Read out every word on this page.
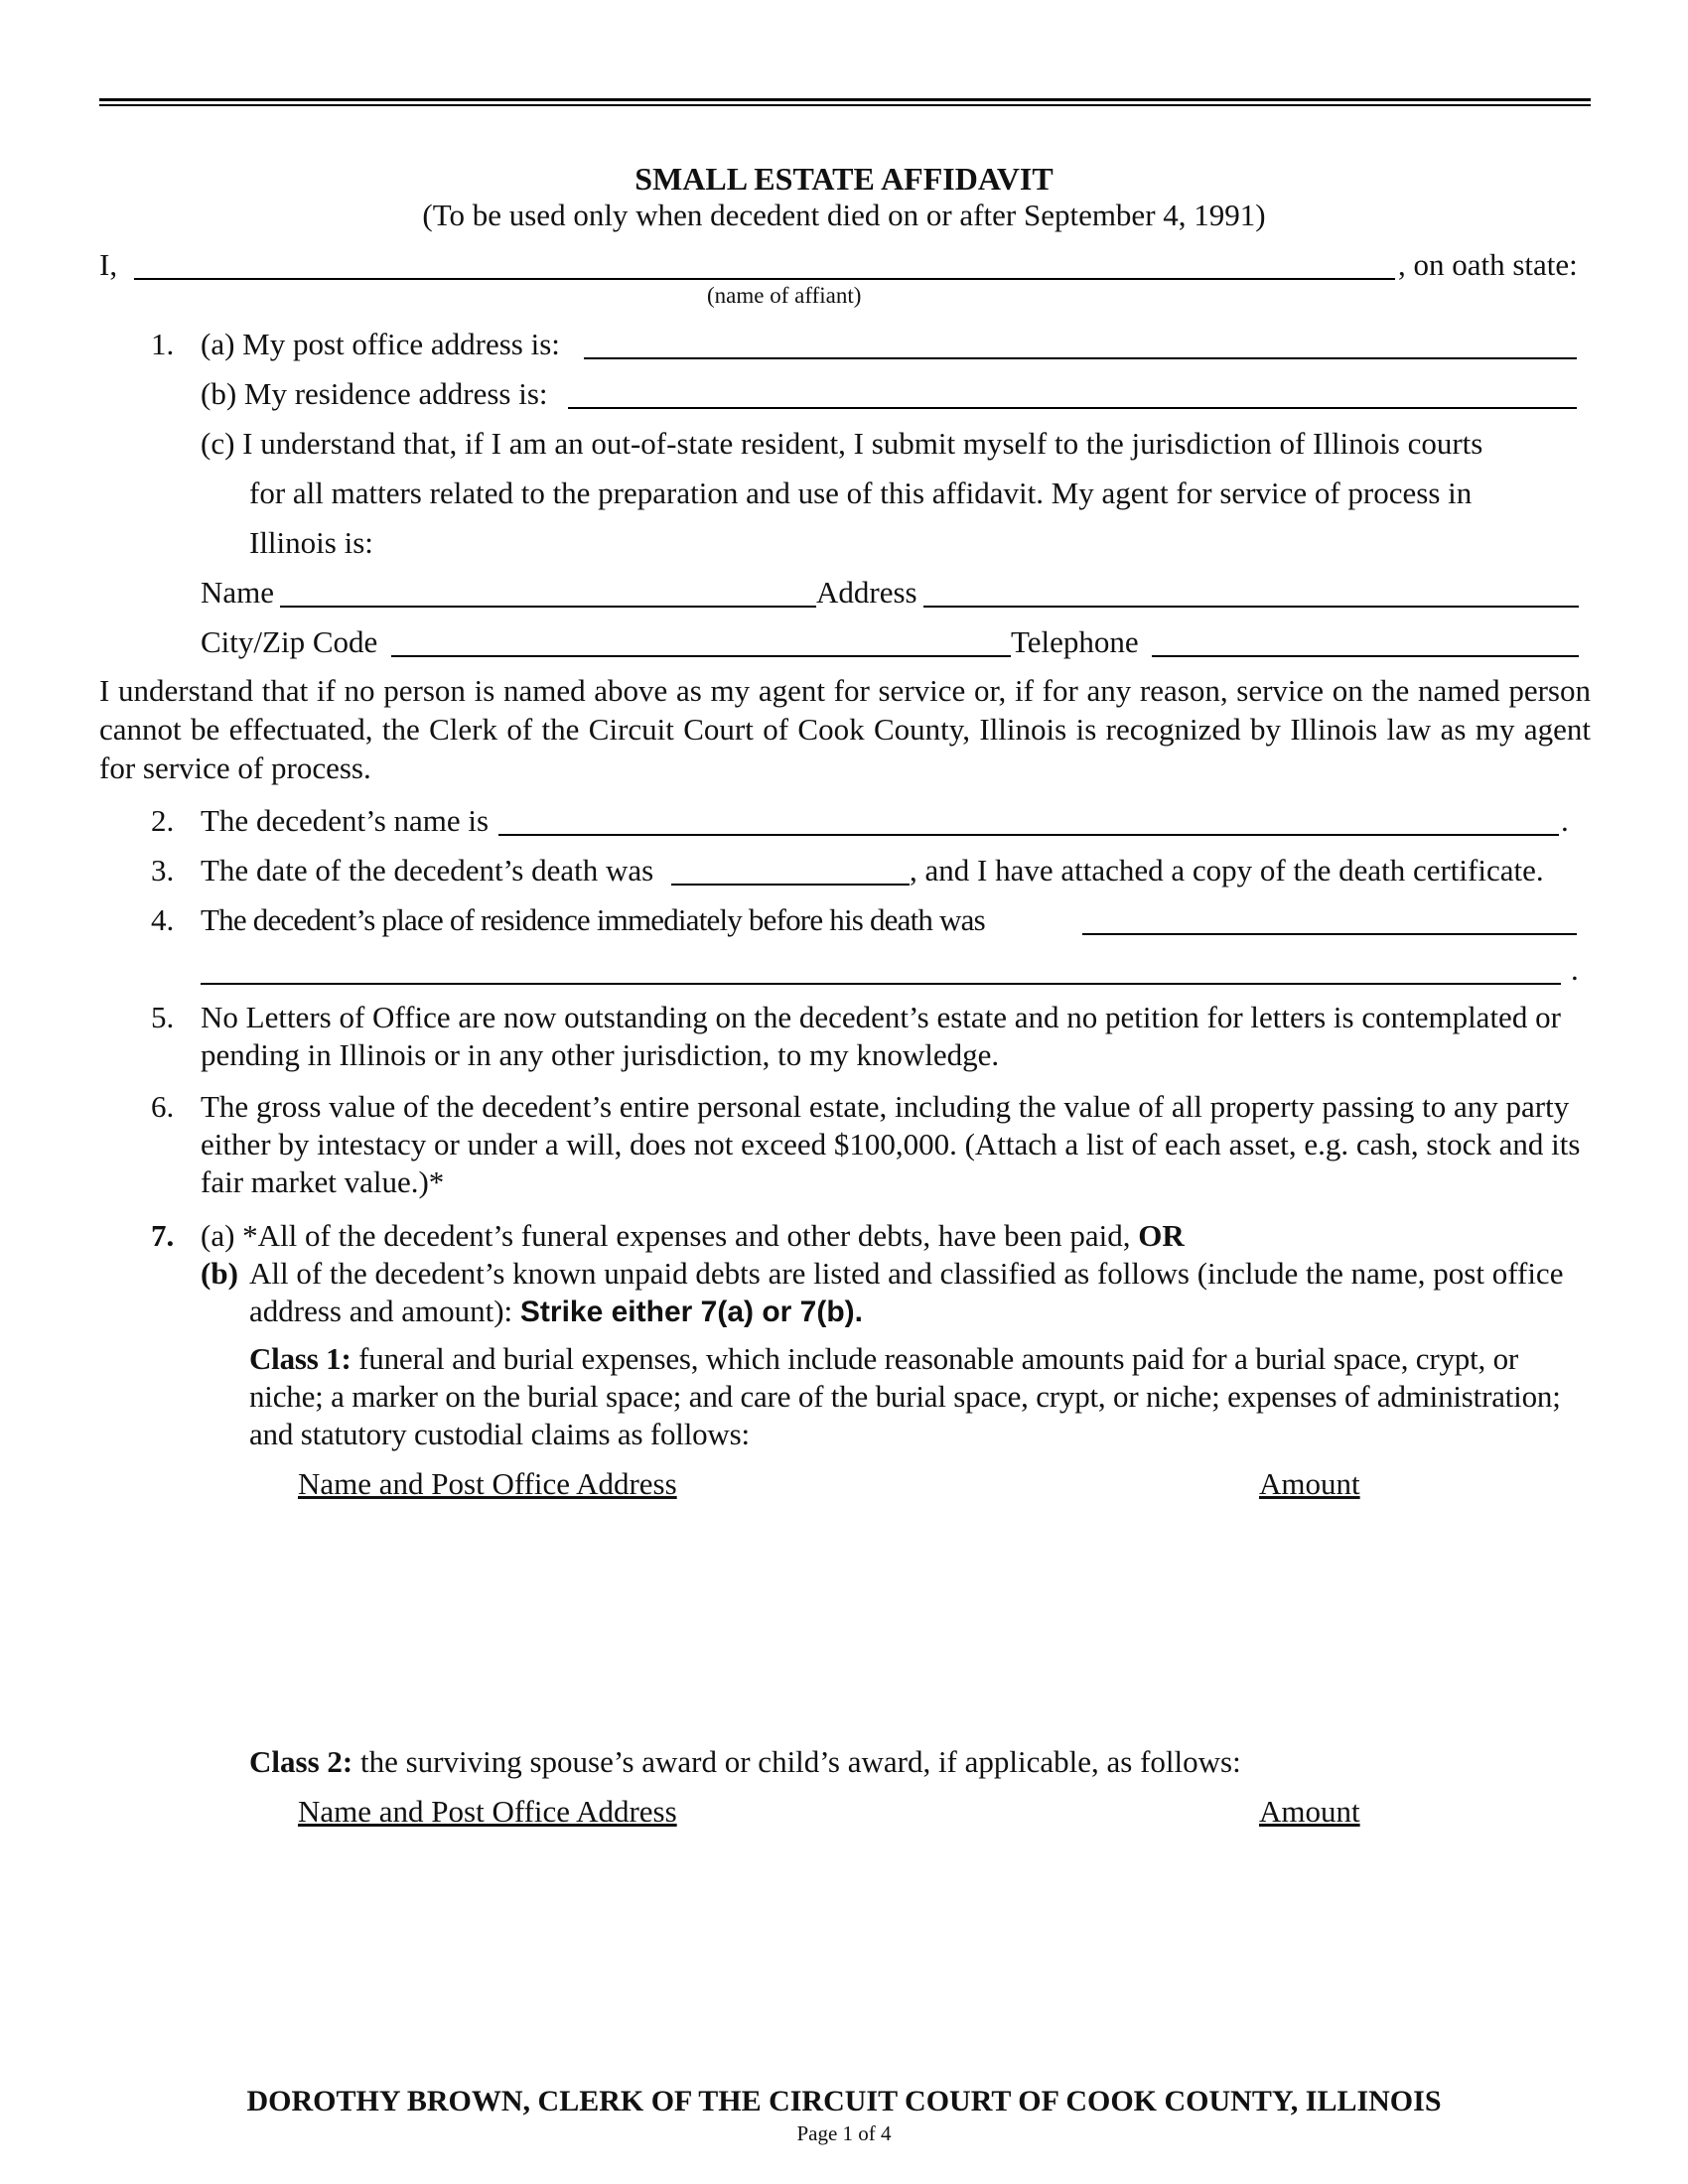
SMALL ESTATE AFFIDAVIT
(To be used only when decedent died on or after September 4, 1991)
I,	, on oath state:
(name of affiant)
1. (a) My post office address is:
(b) My residence address is:
(c) I understand that, if I am an out-of-state resident, I submit myself to the jurisdiction of Illinois courts
for all matters related to the preparation and use of this affidavit. My agent for service of process in
Illinois is:
Name	Address
City/Zip Code	Telephone
I understand that if no person is named above as my agent for service or, if for any reason, service on the named person cannot be effectuated, the Clerk of the Circuit Court of Cook County, Illinois is recognized by Illinois law as my agent for service of process.
2. The decedent’s name is	.
3. The date of the decedent’s death was	, and I have attached a copy of the death certificate.
4. The decedent’s place of residence immediately before his death was
.
5. No Letters of Office are now outstanding on the decedent’s estate and no petition for letters is contemplated or pending in Illinois or in any other jurisdiction, to my knowledge.
6. The gross value of the decedent’s entire personal estate, including the value of all property passing to any party either by intestacy or under a will, does not exceed $100,000. (Attach a list of each asset, e.g. cash, stock and its fair market value.)*
7. (a) *All of the decedent’s funeral expenses and other debts, have been paid, OR
(b) All of the decedent’s known unpaid debts are listed and classified as follows (include the name, post office address and amount): Strike either 7(a) or 7(b).
Class 1: funeral and burial expenses, which include reasonable amounts paid for a burial space, crypt, or niche; a marker on the burial space; and care of the burial space, crypt, or niche; expenses of administration; and statutory custodial claims as follows:
Name and Post Office Address	Amount
Class 2: the surviving spouse’s award or child’s award, if applicable, as follows:
Name and Post Office Address	Amount
DOROTHY BROWN, CLERK OF THE CIRCUIT COURT OF COOK COUNTY, ILLINOIS
Page 1 of 4
